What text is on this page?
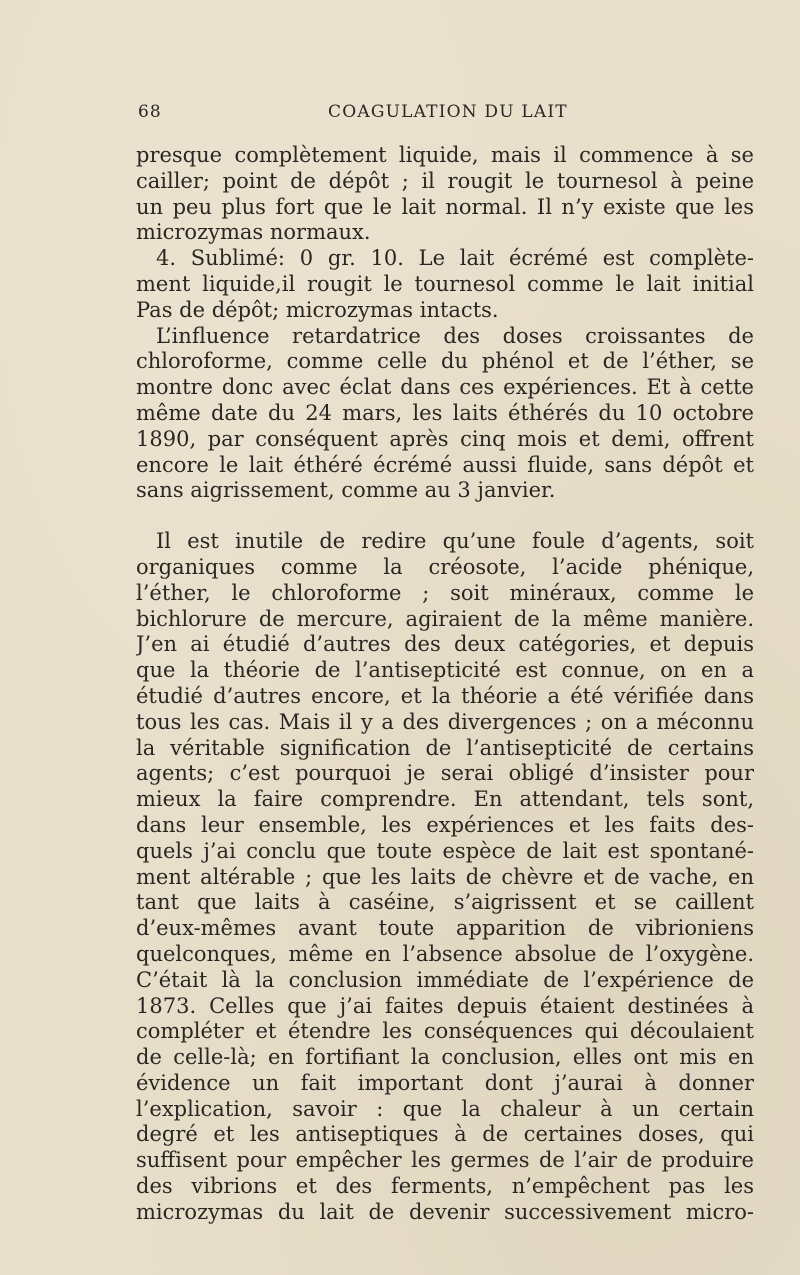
68	COAGULATION DU LAIT
presque complètement liquide, mais il commence à se
cailler; point de dépôt ; il rougit le tournesol à peine
un peu plus fort que le lait normal. Il n’y existe que les
microzymas normaux.
4. Sublimé: 0 gr. 10. Le lait écrémé est complète-
ment liquide,il rougit le tournesol comme le lait initial
Pas de dépôt; microzymas intacts.
L’influence retardatrice des doses croissantes de
chloroforme, comme celle du phénol et de l’éther, se
montre donc avec éclat dans ces expériences. Et à cette
même date du 24 mars, les laits éthérés du 10 octobre
1890, par conséquent après cinq mois et demi, offrent
encore le lait éthéré écrémé aussi fluide, sans dépôt et
sans aigrissement, comme au 3 janvier.
Il est inutile de redire qu’une foule d’agents, soit
organiques comme la créosote, l’acide phénique,
l’éther, le chloroforme ; soit minéraux, comme le
bichlorure de mercure, agiraient de la même manière.
J’en ai étudié d’autres des deux catégories, et depuis
que la théorie de l’antisepticité est connue, on en a
étudié d’autres encore, et la théorie a été vérifiée dans
tous les cas. Mais il y a des divergences ; on a méconnu
la véritable signification de l’antisepticité de certains
agents; c’est pourquoi je serai obligé d’insister pour
mieux la faire comprendre. En attendant, tels sont,
dans leur ensemble, les expériences et les faits des-
quels j’ai conclu que toute espèce de lait est spontané-
ment altérable ; que les laits de chèvre et de vache, en
tant que laits à caséine, s’aigrissent et se caillent
d’eux-mêmes avant toute apparition de vibrioniens
quelconques, même en l’absence absolue de l’oxygène.
C’était là la conclusion immédiate de l’expérience de
1873. Celles que j’ai faites depuis étaient destinées à
compléter et étendre les conséquences qui découlaient
de celle-là; en fortifiant la conclusion, elles ont mis en
évidence un fait important dont j’aurai à donner
l’explication, savoir : que la chaleur à un certain
degré et les antiseptiques à de certaines doses, qui
suffisent pour empêcher les germes de l’air de produire
des vibrions et des ferments, n’empêchent pas les
microzymas du lait de devenir successivement micro-
